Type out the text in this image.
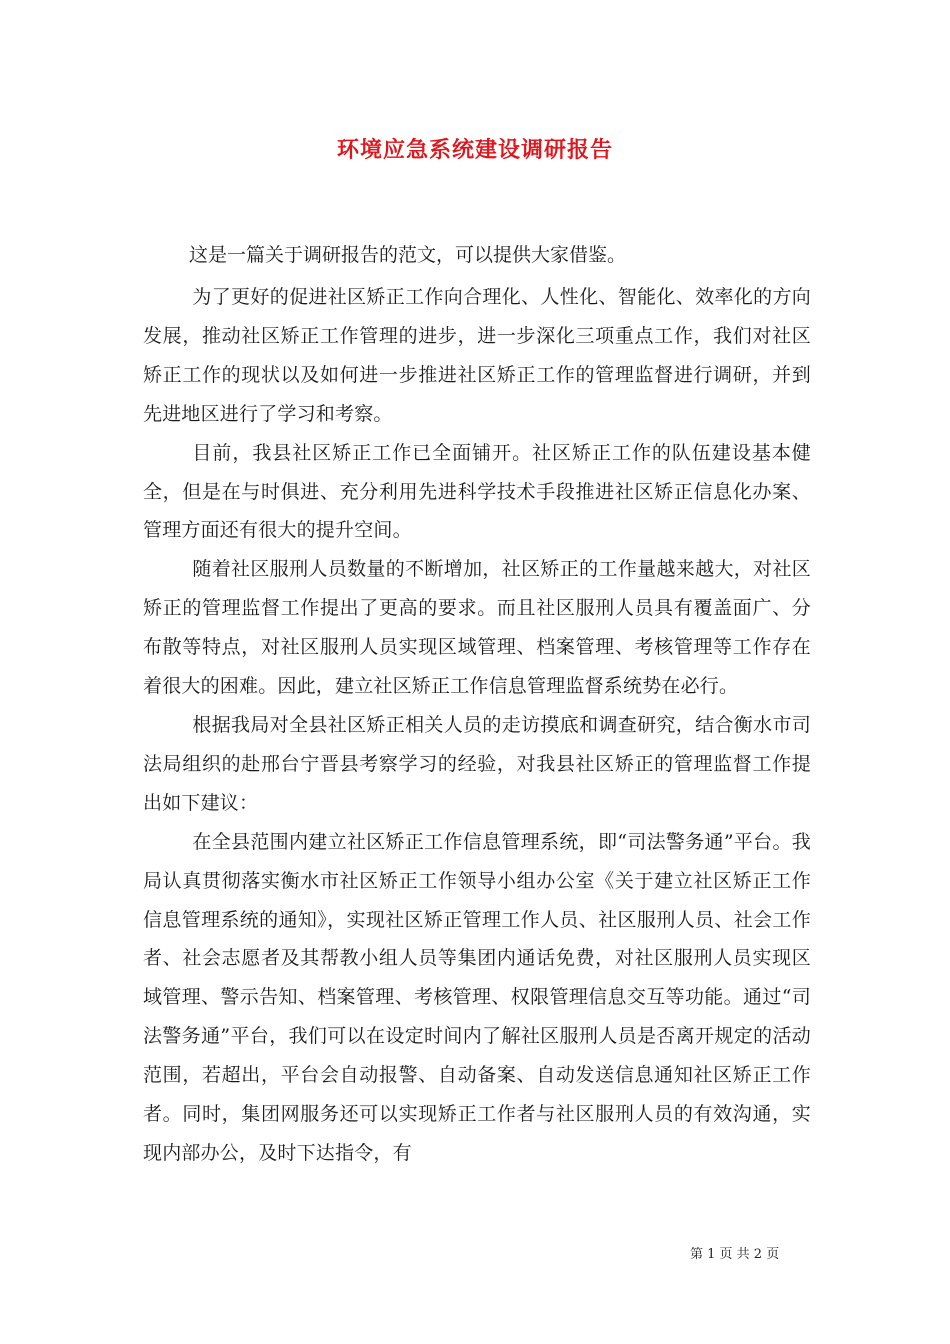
环境应急系统建设调研报告
这是一篇关于调研报告的范文，可以提供大家借鉴。

为了更好的促进社区矫正工作向合理化、人性化、智能化、效率化的方向发展，推动社区矫正工作管理的进步，进一步深化三项重点工作，我们对社区矫正工作的现状以及如何进一步推进社区矫正工作的管理监督进行调研，并到先进地区进行了学习和考察。

目前，我县社区矫正工作已全面铺开。社区矫正工作的队伍建设基本健全，但是在与时俱进、充分利用先进科学技术手段推进社区矫正信息化办案、管理方面还有很大的提升空间。

随着社区服刑人员数量的不断增加，社区矫正的工作量越来越大，对社区矫正的管理监督工作提出了更高的要求。而且社区服刑人员具有覆盖面广、分布散等特点，对社区服刑人员实现区域管理、档案管理、考核管理等工作存在着很大的困难。因此，建立社区矫正工作信息管理监督系统势在必行。

根据我局对全县社区矫正相关人员的走访摸底和调查研究，结合衡水市司法局组织的赴邢台宁晋县考察学习的经验，对我县社区矫正的管理监督工作提出如下建议：

在全县范围内建立社区矫正工作信息管理系统，即“司法警务通”平台。我局认真贯彻落实衡水市社区矫正工作领导小组办公室《关于建立社区矫正工作信息管理系统的通知》，实现社区矫正管理工作人员、社区服刑人员、社会工作者、社会志愿者及其帮教小组人员等集团内通话免费，对社区服刑人员实现区域管理、警示告知、档案管理、考核管理、权限管理信息交互等功能。通过“司法警务通”平台，我们可以在设定时间内了解社区服刑人员是否离开规定的活动范围，若超出，平台会自动报警、自动备案、自动发送信息通知社区矫正工作者。同时，集团网服务还可以实现矫正工作者与社区服刑人员的有效沟通，实现内部办公，及时下达指令，有

第 1 页 共 2 页
